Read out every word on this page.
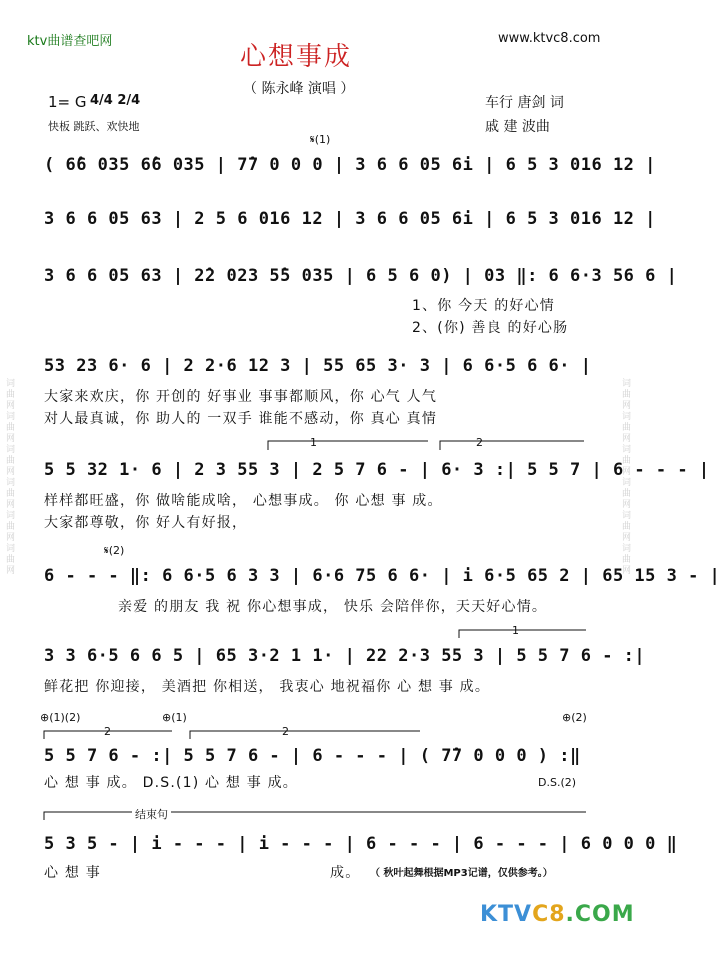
词曲网词曲网词曲网词曲网词曲网词曲网	词曲网词曲网词曲网词曲网词曲网词曲网
ktv曲谱查吧网	www.ktvc8.com
心想事成
（ 陈永峰 演唱 ）
1= G 4/4 2/4
快板 跳跃、欢快地
车行 唐剑 词
戚 建 波曲
𝄋(1)
( 6̂6 035 6̂6 035 | 7̂7 0 0 0 | 3 6 6 05 6i | 6 5 3 016 12 |
3 6 6 05 63 | 2 5 6 016 12 | 3 6 6 05 6i | 6 5 3 016 12 |
3 6 6 05 63 | 2̂2 023 5̂5 035 | 6 5 6 0) | 03 ‖: 6 6·3 56 6 |
1、你 今天 的好心情
2、(你) 善良 的好心肠
53 23 6· 6 | 2 2·6 12 3 | 55 65 3· 3 | 6 6·5 6 6· |
大家来欢庆，你 开创的 好事业 事事都顺风，你 心气 人气
对人最真诚，你 助人的 一双手 谁能不感动，你 真心 真情
1	2
5 5 32 1· 6 | 2 3 55 3 | 2 5 7 6 - | 6· 3 :| 5 5 7 | 6 - - - |
样样都旺盛，你 做啥能成啥， 心想事成。 你 心想 事 成。
大家都尊敬，你 好人有好报，
𝄋(2)
6 - - - ‖: 6 6·5 6 3 3 | 6·6 75 6 6· | i 6·5 65 2 | 65 15 3 - |
亲爱 的朋友 我 祝 你心想事成， 快乐 会陪伴你，天天好心情。
1
3 3 6·5 6 6 5 | 65 3·2 1 1· | 22 2·3 55 3 | 5 5 7 6 - :|
鲜花把 你迎接， 美酒把 你相送， 我衷心 地祝福你 心 想 事 成。
⊕(1)(2)	⊕(1)	⊕(2)
2	2
5 5 7 6 - :| 5 5 7 6 - | 6 - - - | ( 7̂7 0 0 0 ) :‖
心 想 事 成。 D.S.(1) 心 想 事 成。	D.S.(2)
结束句
5 3 5 - | i - - - | i - - - | 6 - - - | 6 - - - | 6 0 0 0 ‖
心 想 事	成。 （ 秋叶起舞根据MP3记谱，仅供参考。）
KTVC8.COM
